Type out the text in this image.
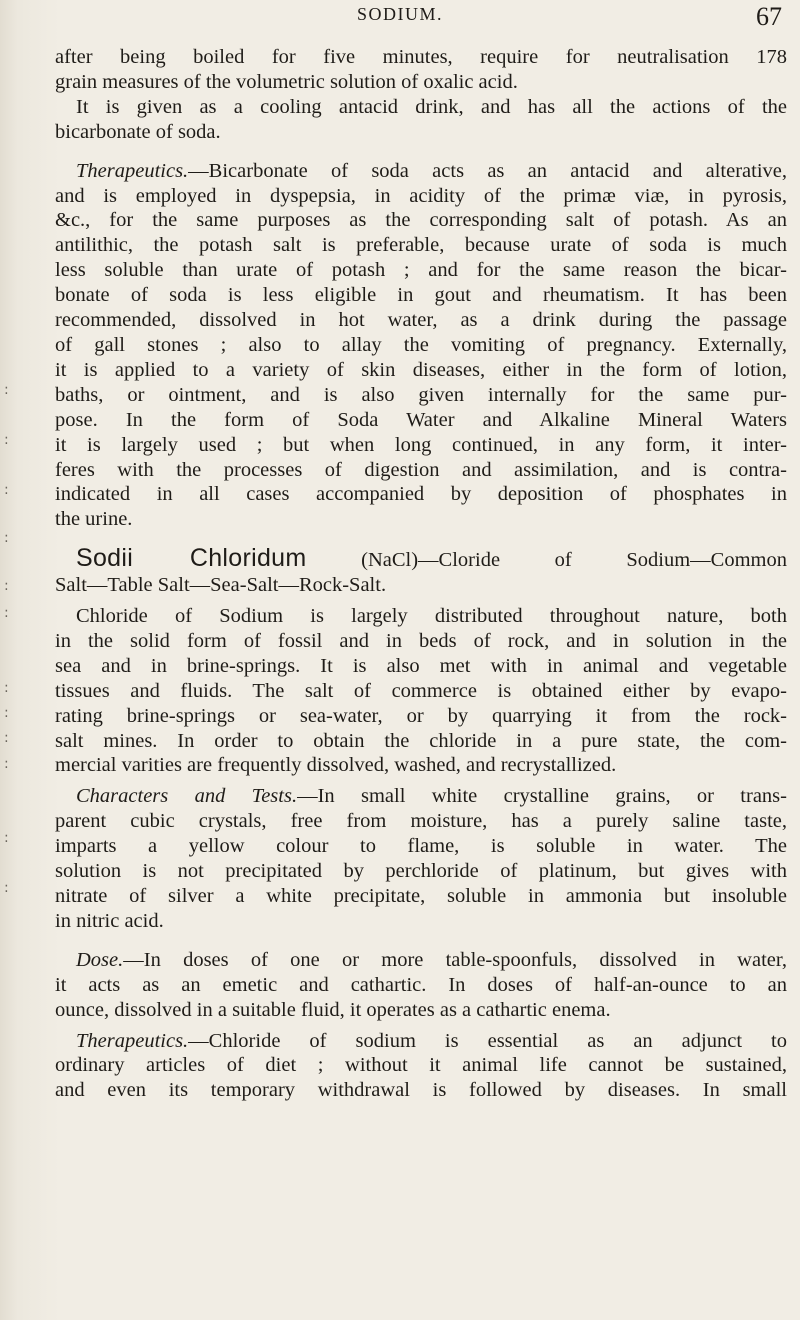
:
:
:
:
:
:
:
:
:
:
:
:
SODIUM.	67

after being boiled for five minutes, require for neutralisation 178

grain measures of the volumetric solution of oxalic acid.

It is given as a cooling antacid drink, and has all the actions of the

bicarbonate of soda.

Therapeutics.—Bicarbonate of soda acts as an antacid and alterative,

and is employed in dyspepsia, in acidity of the primæ viæ, in pyrosis,

&c., for the same purposes as the corresponding salt of potash. As an

antilithic, the potash salt is preferable, because urate of soda is much

less soluble than urate of potash ; and for the same reason the bicar-

bonate of soda is less eligible in gout and rheumatism. It has been

recommended, dissolved in hot water, as a drink during the passage

of gall stones ; also to allay the vomiting of pregnancy. Externally,

it is applied to a variety of skin diseases, either in the form of lotion,

baths, or ointment, and is also given internally for the same pur-

pose. In the form of Soda Water and Alkaline Mineral Waters

it is largely used ; but when long continued, in any form, it inter-

feres with the processes of digestion and assimilation, and is contra-

indicated in all cases accompanied by deposition of phosphates in

the urine.

Sodii Chloridum (NaCl)—Cloride of Sodium—Common

Salt—Table Salt—Sea-Salt—Rock-Salt.

Chloride of Sodium is largely distributed throughout nature, both

in the solid form of fossil and in beds of rock, and in solution in the

sea and in brine-springs. It is also met with in animal and vegetable

tissues and fluids. The salt of commerce is obtained either by evapo-

rating brine-springs or sea-water, or by quarrying it from the rock-

salt mines. In order to obtain the chloride in a pure state, the com-

mercial varities are frequently dissolved, washed, and recrystallized.

Characters and Tests.—In small white crystalline grains, or trans-

parent cubic crystals, free from moisture, has a purely saline taste,

imparts a yellow colour to flame, is soluble in water. The

solution is not precipitated by perchloride of platinum, but gives with

nitrate of silver a white precipitate, soluble in ammonia but insoluble

in nitric acid.

Dose.—In doses of one or more table-spoonfuls, dissolved in water,

it acts as an emetic and cathartic. In doses of half-an-ounce to an

ounce, dissolved in a suitable fluid, it operates as a cathartic enema.

Therapeutics.—Chloride of sodium is essential as an adjunct to

ordinary articles of diet ; without it animal life cannot be sustained,

and even its temporary withdrawal is followed by diseases. In small
